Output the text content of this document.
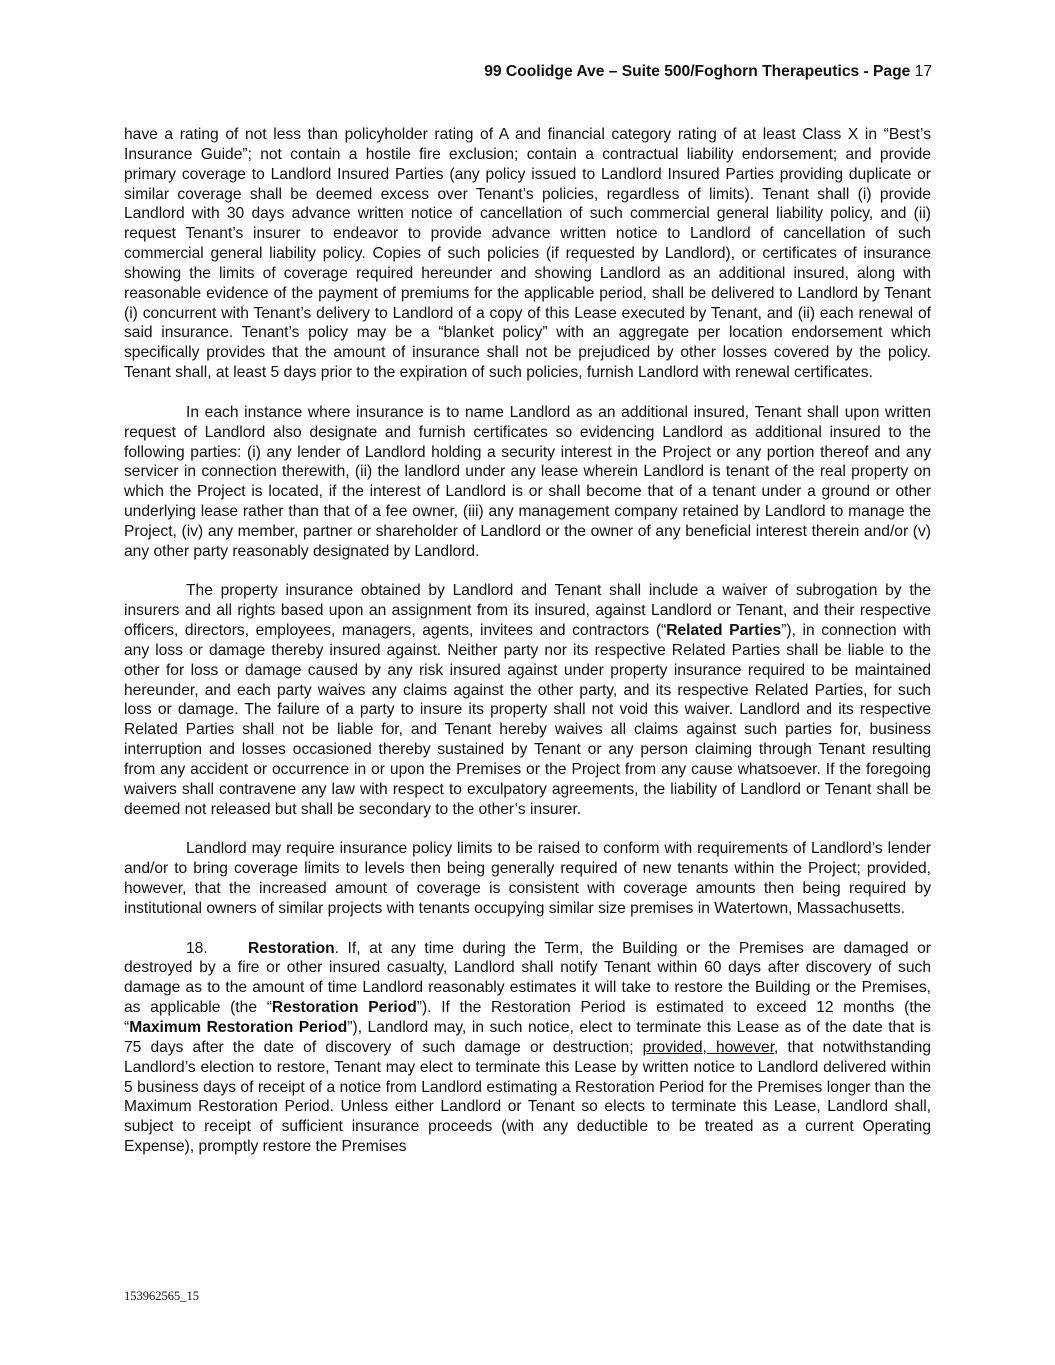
99 Coolidge Ave – Suite 500/Foghorn Therapeutics - Page 17

have a rating of not less than policyholder rating of A and financial category rating of at least Class X in “Best’s Insurance Guide”; not contain a hostile fire exclusion; contain a contractual liability endorsement; and provide primary coverage to Landlord Insured Parties (any policy issued to Landlord Insured Parties providing duplicate or similar coverage shall be deemed excess over Tenant’s policies, regardless of limits). Tenant shall (i) provide Landlord with 30 days advance written notice of cancellation of such commercial general liability policy, and (ii) request Tenant’s insurer to endeavor to provide advance written notice to Landlord of cancellation of such commercial general liability policy. Copies of such policies (if requested by Landlord), or certificates of insurance showing the limits of coverage required hereunder and showing Landlord as an additional insured, along with reasonable evidence of the payment of premiums for the applicable period, shall be delivered to Landlord by Tenant (i) concurrent with Tenant’s delivery to Landlord of a copy of this Lease executed by Tenant, and (ii) each renewal of said insurance. Tenant’s policy may be a “blanket policy” with an aggregate per location endorsement which specifically provides that the amount of insurance shall not be prejudiced by other losses covered by the policy. Tenant shall, at least 5 days prior to the expiration of such policies, furnish Landlord with renewal certificates.

In each instance where insurance is to name Landlord as an additional insured, Tenant shall upon written request of Landlord also designate and furnish certificates so evidencing Landlord as additional insured to the following parties: (i) any lender of Landlord holding a security interest in the Project or any portion thereof and any servicer in connection therewith, (ii) the landlord under any lease wherein Landlord is tenant of the real property on which the Project is located, if the interest of Landlord is or shall become that of a tenant under a ground or other underlying lease rather than that of a fee owner, (iii) any management company retained by Landlord to manage the Project, (iv) any member, partner or shareholder of Landlord or the owner of any beneficial interest therein and/or (v) any other party reasonably designated by Landlord.

The property insurance obtained by Landlord and Tenant shall include a waiver of subrogation by the insurers and all rights based upon an assignment from its insured, against Landlord or Tenant, and their respective officers, directors, employees, managers, agents, invitees and contractors (“Related Parties”), in connection with any loss or damage thereby insured against. Neither party nor its respective Related Parties shall be liable to the other for loss or damage caused by any risk insured against under property insurance required to be maintained hereunder, and each party waives any claims against the other party, and its respective Related Parties, for such loss or damage. The failure of a party to insure its property shall not void this waiver. Landlord and its respective Related Parties shall not be liable for, and Tenant hereby waives all claims against such parties for, business interruption and losses occasioned thereby sustained by Tenant or any person claiming through Tenant resulting from any accident or occurrence in or upon the Premises or the Project from any cause whatsoever. If the foregoing waivers shall contravene any law with respect to exculpatory agreements, the liability of Landlord or Tenant shall be deemed not released but shall be secondary to the other’s insurer.

Landlord may require insurance policy limits to be raised to conform with requirements of Landlord’s lender and/or to bring coverage limits to levels then being generally required of new tenants within the Project; provided, however, that the increased amount of coverage is consistent with coverage amounts then being required by institutional owners of similar projects with tenants occupying similar size premises in Watertown, Massachusetts.

18.	Restoration. If, at any time during the Term, the Building or the Premises are damaged or destroyed by a fire or other insured casualty, Landlord shall notify Tenant within 60 days after discovery of such damage as to the amount of time Landlord reasonably estimates it will take to restore the Building or the Premises, as applicable (the “Restoration Period”). If the Restoration Period is estimated to exceed 12 months (the “Maximum Restoration Period”), Landlord may, in such notice, elect to terminate this Lease as of the date that is 75 days after the date of discovery of such damage or destruction; provided, however, that notwithstanding Landlord’s election to restore, Tenant may elect to terminate this Lease by written notice to Landlord delivered within 5 business days of receipt of a notice from Landlord estimating a Restoration Period for the Premises longer than the Maximum Restoration Period. Unless either Landlord or Tenant so elects to terminate this Lease, Landlord shall, subject to receipt of sufficient insurance proceeds (with any deductible to be treated as a current Operating Expense), promptly restore the Premises

153962565_15
